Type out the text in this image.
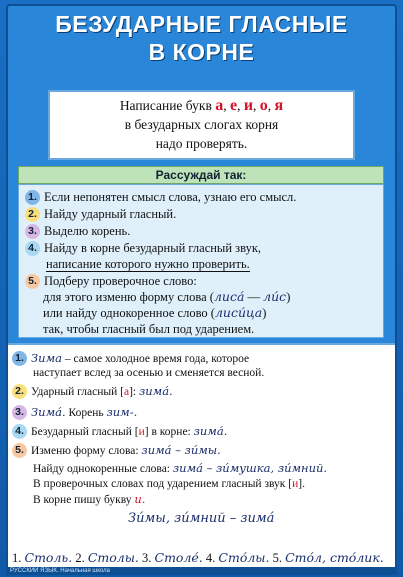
БЕЗУДАРНЫЕ ГЛАСНЫЕ
В КОРНЕ
Написание букв а, е, и, о, я
в безударных слогах корня
надо проверять.
Рассуждай так:
1. Если непонятен смысл слова, узнаю его смысл.
2. Найду ударный гласный.
3. Выделю корень.
4. Найду в корне безударный гласный звук,
написание которого нужно проверить.
5. Подберу проверочное слово:
для этого изменю форму слова (лиса́ — ли́с)
или найду однокоренное слово (лиси́ца)
так, чтобы гласный был под ударением.
1. Зима – самое холодное время года, которое
наступает вслед за осенью и сменяется весной.
2. Ударный гласный [а]: зима́.
3. Зима́. Корень зим-.
4. Безударный гласный [и] в корне: зима́.
5. Изменю форму слова: зима́ – зи́мы.
Найду однокоренные слова: зима́ – зи́мушка, зи́мний.
В проверочных словах под ударением гласный звук [и].
В корне пишу букву и.
Зи́мы, зи́мний – зима́
1. Столь. 2. Столы. 3. Столе́. 4. Сто́лы. 5. Сто́л, сто́лик.
РУССКИЙ ЯЗЫК. Начальная школа
